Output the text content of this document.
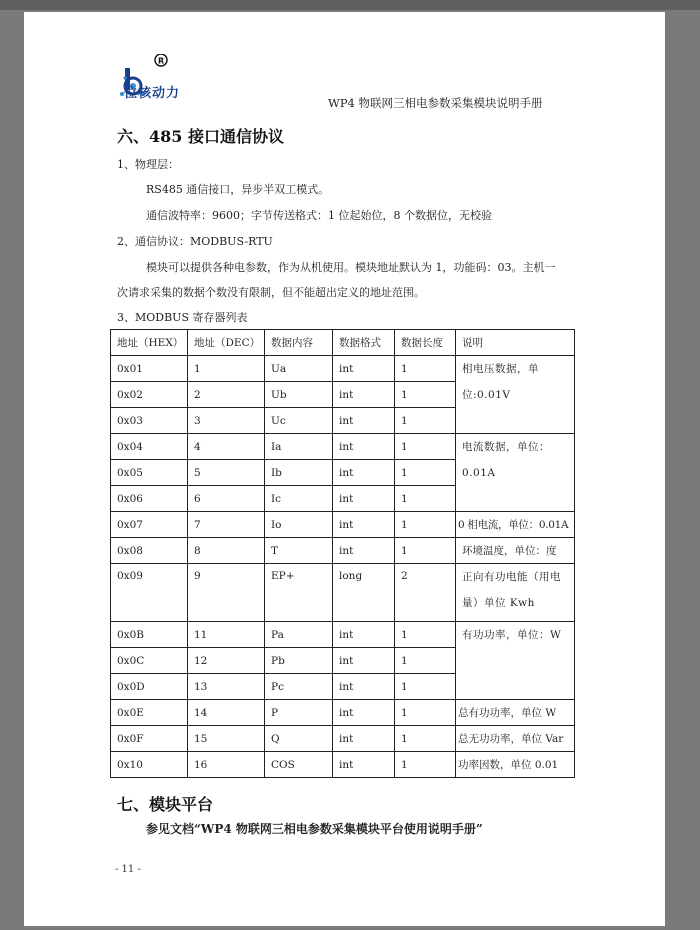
R
位核动力
WP4 物联网三相电参数采集模块说明手册
六、485 接口通信协议
1、物理层：
RS485 通信接口，异步半双工模式。
通信波特率：9600；字节传送格式：1 位起始位，8 个数据位，无校验
2、通信协议：MODBUS-RTU
模块可以提供各种电参数，作为从机使用。模块地址默认为 1，功能码：03。主机一
次请求采集的数据个数没有限制，但不能超出定义的地址范围。
3、MODBUS 寄存器列表
地址（HEX）	地址（DEC）	数据内容	数据格式	数据长度	说明
0x01	1	Ua	int	1	相电压数据，单位:0.01V
0x02	2	Ub	int	1	
0x03	3	Uc	int	1	
0x04	4	Ia	int	1	电流数据，单位：0.01A
0x05	5	Ib	int	1	
0x06	6	Ic	int	1	
0x07	7	Io	int	1	0 相电流，单位：0.01A
0x08	8	T	int	1	环境温度，单位：度
0x09	9	EP+	long	2	正向有功电能（用电量）单位 Kwh
0x0B	11	Pa	int	1	有功功率，单位：W
0x0C	12	Pb	int	1	
0x0D	13	Pc	int	1	
0x0E	14	P	int	1	总有功功率，单位 W
0x0F	15	Q	int	1	总无功功率，单位 Var
0x10	16	COS	int	1	功率因数，单位 0.01
七、模块平台
参见文档“WP4 物联网三相电参数采集模块平台使用说明手册”
- 11 -
